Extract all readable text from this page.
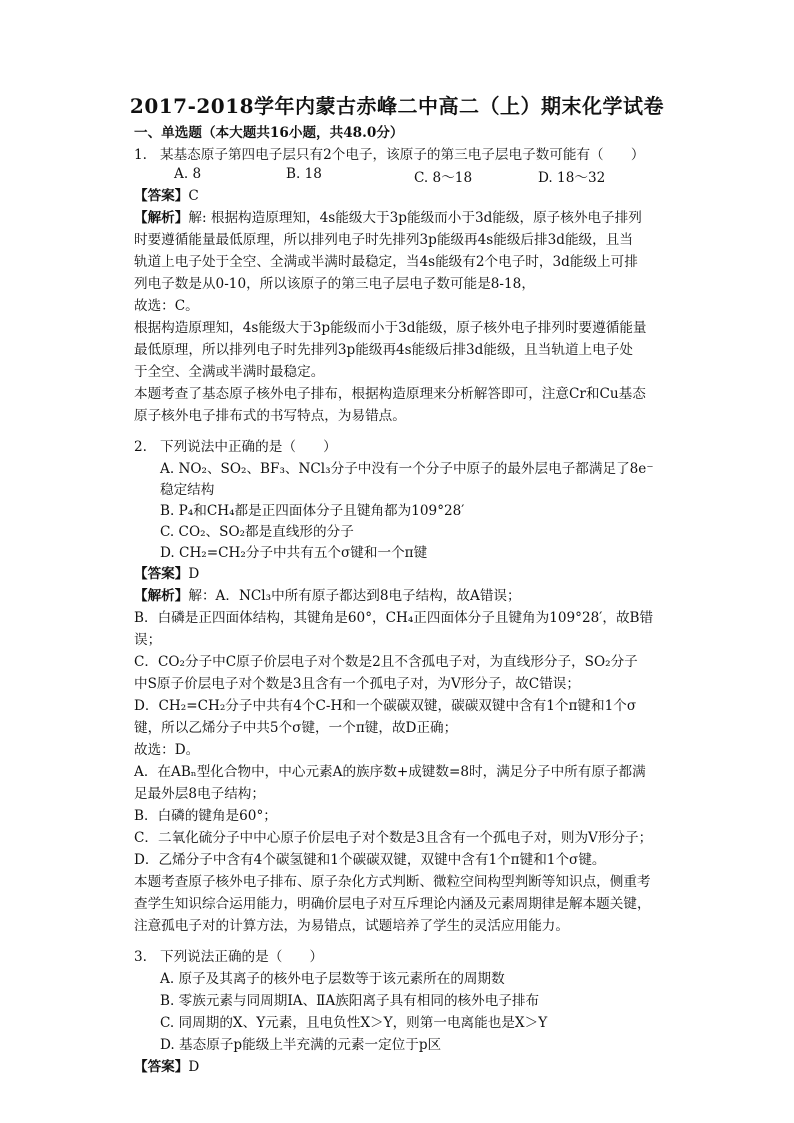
2017-2018学年内蒙古赤峰二中高二（上）期末化学试卷
一、单选题（本大题共16小题，共48.0分）
1. 某基态原子第四电子层只有2个电子，该原子的第三电子层电子数可能有（　　）
A. 8	B. 18	C. 8～18	D. 18～32
【答案】C
【解析】解: 根据构造原理知，4s能级大于3p能级而小于3d能级，原子核外电子排列
时要遵循能量最低原理，所以排列电子时先排列3p能级再4s能级后排3d能级，且当
轨道上电子处于全空、全满或半满时最稳定，当4s能级有2个电子时，3d能级上可排
列电子数是从0-10，所以该原子的第三电子层电子数可能是8-18，
故选：C。
根据构造原理知，4s能级大于3p能级而小于3d能级，原子核外电子排列时要遵循能量
最低原理，所以排列电子时先排列3p能级再4s能级后排3d能级，且当轨道上电子处
于全空、全满或半满时最稳定。
本题考查了基态原子核外电子排布，根据构造原理来分析解答即可，注意Cr和Cu基态
原子核外电子排布式的书写特点，为易错点。
2. 下列说法中正确的是（　　）
A. NO₂、SO₂、BF₃、NCl₃分子中没有一个分子中原子的最外层电子都满足了8e⁻
稳定结构
B. P₄和CH₄都是正四面体分子且键角都为109°28′
C. CO₂、SO₂都是直线形的分子
D. CH₂=CH₂分子中共有五个σ键和一个π键
【答案】D
【解析】解：A．NCl₃中所有原子都达到8电子结构，故A错误；
B．白磷是正四面体结构，其键角是60°，CH₄正四面体分子且键角为109°28′，故B错
误；
C．CO₂分子中C原子价层电子对个数是2且不含孤电子对，为直线形分子，SO₂分子
中S原子价层电子对个数是3且含有一个孤电子对，为V形分子，故C错误；
D．CH₂=CH₂分子中共有4个C-H和一个碳碳双键，碳碳双键中含有1个π键和1个σ
键，所以乙烯分子中共5个σ键，一个π键，故D正确；
故选：D。
A．在ABₙ型化合物中，中心元素A的族序数+成键数=8时，满足分子中所有原子都满
足最外层8电子结构；
B．白磷的键角是60°；
C．二氧化硫分子中中心原子价层电子对个数是3且含有一个孤电子对，则为V形分子；
D．乙烯分子中含有4个碳氢键和1个碳碳双键，双键中含有1个π键和1个σ键。
本题考查原子核外电子排布、原子杂化方式判断、微粒空间构型判断等知识点，侧重考
查学生知识综合运用能力，明确价层电子对互斥理论内涵及元素周期律是解本题关键，
注意孤电子对的计算方法，为易错点，试题培养了学生的灵活应用能力。
3. 下列说法正确的是（　　）
A. 原子及其离子的核外电子层数等于该元素所在的周期数
B. 零族元素与同周期ⅠA、ⅡA族阳离子具有相同的核外电子排布
C. 同周期的X、Y元素，且电负性X＞Y，则第一电离能也是X＞Y
D. 基态原子p能级上半充满的元素一定位于p区
【答案】D
